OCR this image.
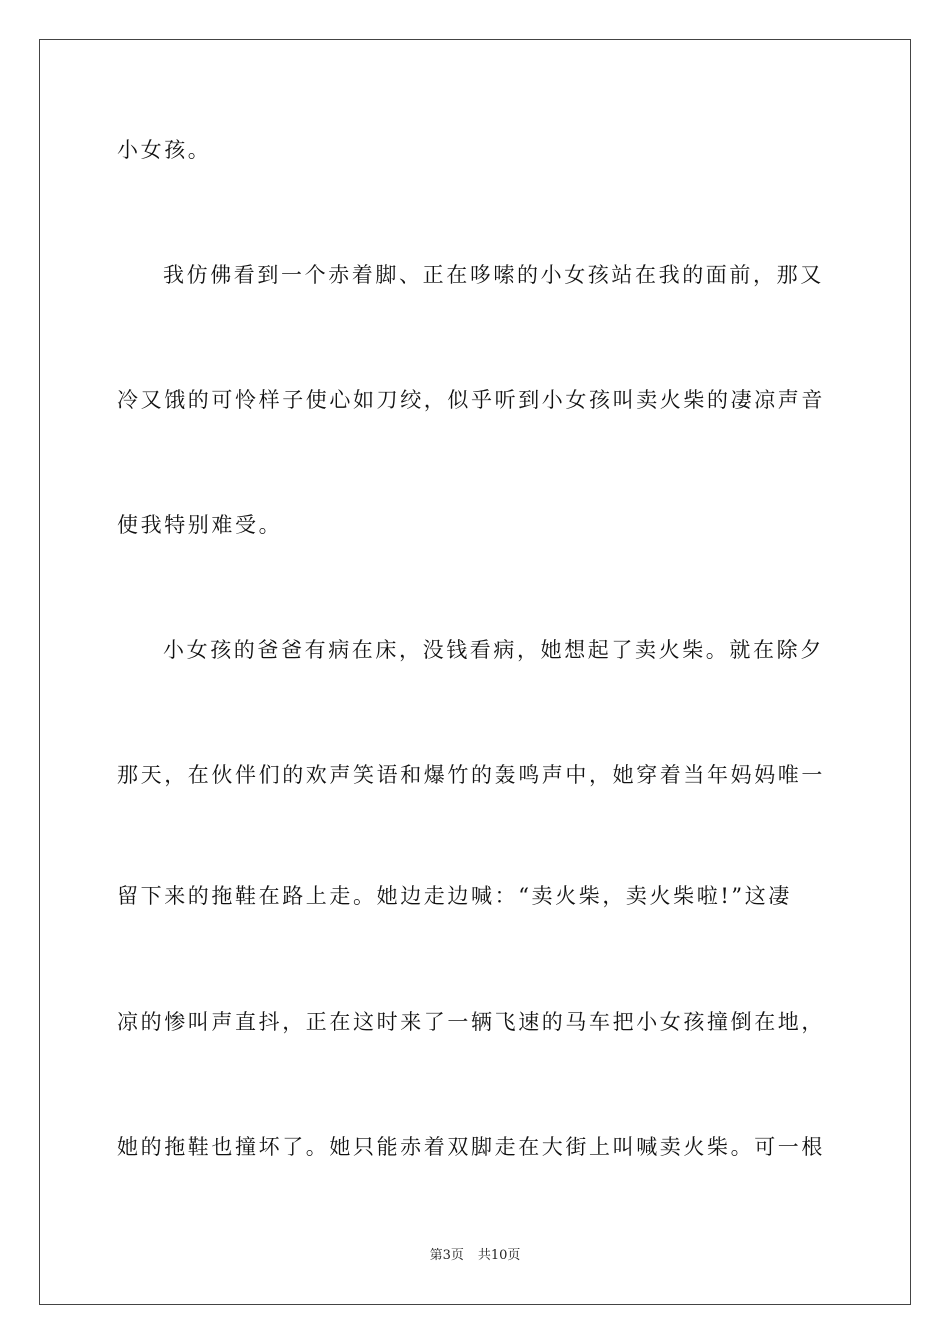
小女孩。
我仿佛看到一个赤着脚、正在哆嗦的小女孩站在我的面前，那又
冷又饿的可怜样子使心如刀绞，似乎听到小女孩叫卖火柴的凄凉声音
使我特别难受。
小女孩的爸爸有病在床，没钱看病，她想起了卖火柴。就在除夕
那天，在伙伴们的欢声笑语和爆竹的轰鸣声中，她穿着当年妈妈唯一
留下来的拖鞋在路上走。她边走边喊：“卖火柴，卖火柴啦!”这凄
凉的惨叫声直抖，正在这时来了一辆飞速的马车把小女孩撞倒在地，
她的拖鞋也撞坏了。她只能赤着双脚走在大街上叫喊卖火柴。可一根
第3页 共10页
